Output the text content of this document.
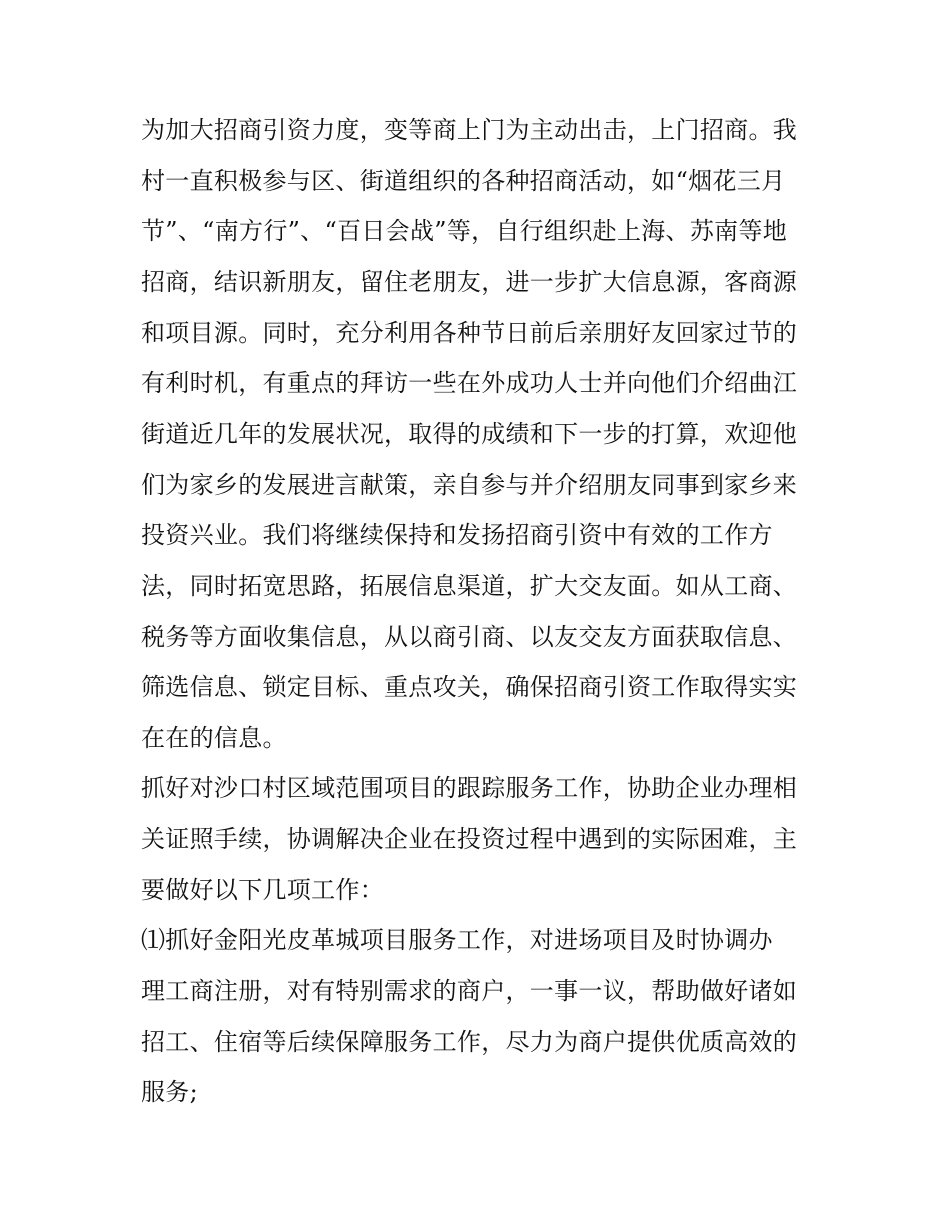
为加大招商引资力度，变等商上门为主动出击，上门招商。我
村一直积极参与区、街道组织的各种招商活动，如“烟花三月
节”、“南方行”、“百日会战”等，自行组织赴上海、苏南等地
招商，结识新朋友，留住老朋友，进一步扩大信息源，客商源
和项目源。同时，充分利用各种节日前后亲朋好友回家过节的
有利时机，有重点的拜访一些在外成功人士并向他们介绍曲江
街道近几年的发展状况，取得的成绩和下一步的打算，欢迎他
们为家乡的发展进言献策，亲自参与并介绍朋友同事到家乡来
投资兴业。我们将继续保持和发扬招商引资中有效的工作方
法，同时拓宽思路，拓展信息渠道，扩大交友面。如从工商、
税务等方面收集信息，从以商引商、以友交友方面获取信息、
筛选信息、锁定目标、重点攻关，确保招商引资工作取得实实
在在的信息。
抓好对沙口村区域范围项目的跟踪服务工作，协助企业办理相
关证照手续，协调解决企业在投资过程中遇到的实际困难，主
要做好以下几项工作：
⑴抓好金阳光皮革城项目服务工作，对进场项目及时协调办
理工商注册，对有特别需求的商户，一事一议，帮助做好诸如
招工、住宿等后续保障服务工作，尽力为商户提供优质高效的
服务;
